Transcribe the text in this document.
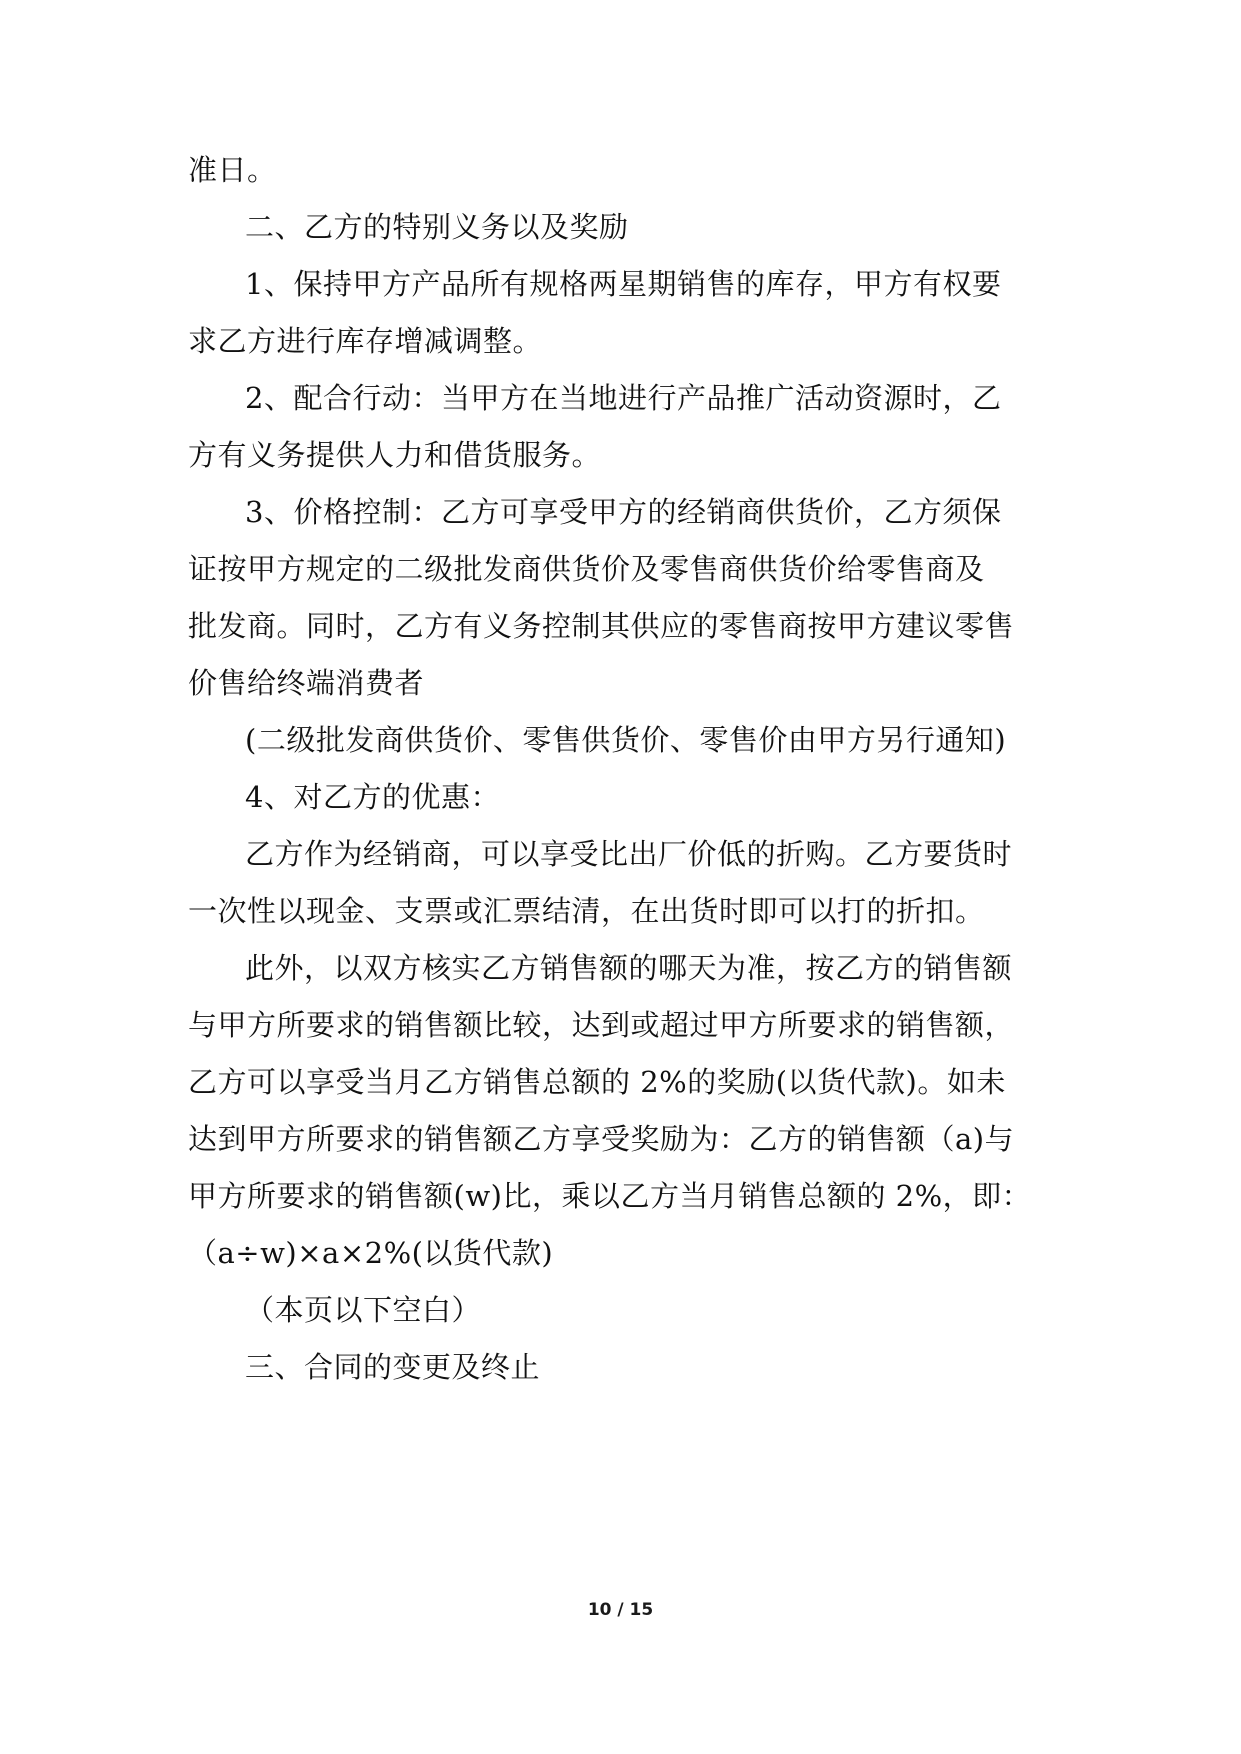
准日。
二、乙方的特别义务以及奖励
1、保持甲方产品所有规格两星期销售的库存，甲方有权要
求乙方进行库存增减调整。
2、配合行动：当甲方在当地进行产品推广活动资源时，乙
方有义务提供人力和借货服务。
3、价格控制：乙方可享受甲方的经销商供货价，乙方须保
证按甲方规定的二级批发商供货价及零售商供货价给零售商及
批发商。同时，乙方有义务控制其供应的零售商按甲方建议零售
价售给终端消费者
(二级批发商供货价、零售供货价、零售价由甲方另行通知)
4、对乙方的优惠：
乙方作为经销商，可以享受比出厂价低的折购。乙方要货时
一次性以现金、支票或汇票结清，在出货时即可以打的折扣。
此外，以双方核实乙方销售额的哪天为准，按乙方的销售额
与甲方所要求的销售额比较，达到或超过甲方所要求的销售额，
乙方可以享受当月乙方销售总额的 2%的奖励(以货代款)。如未
达到甲方所要求的销售额乙方享受奖励为：乙方的销售额（a)与
甲方所要求的销售额(w)比，乘以乙方当月销售总额的 2%，即：
（a÷w)×a×2%(以货代款)
（本页以下空白）
三、合同的变更及终止
10 / 15
